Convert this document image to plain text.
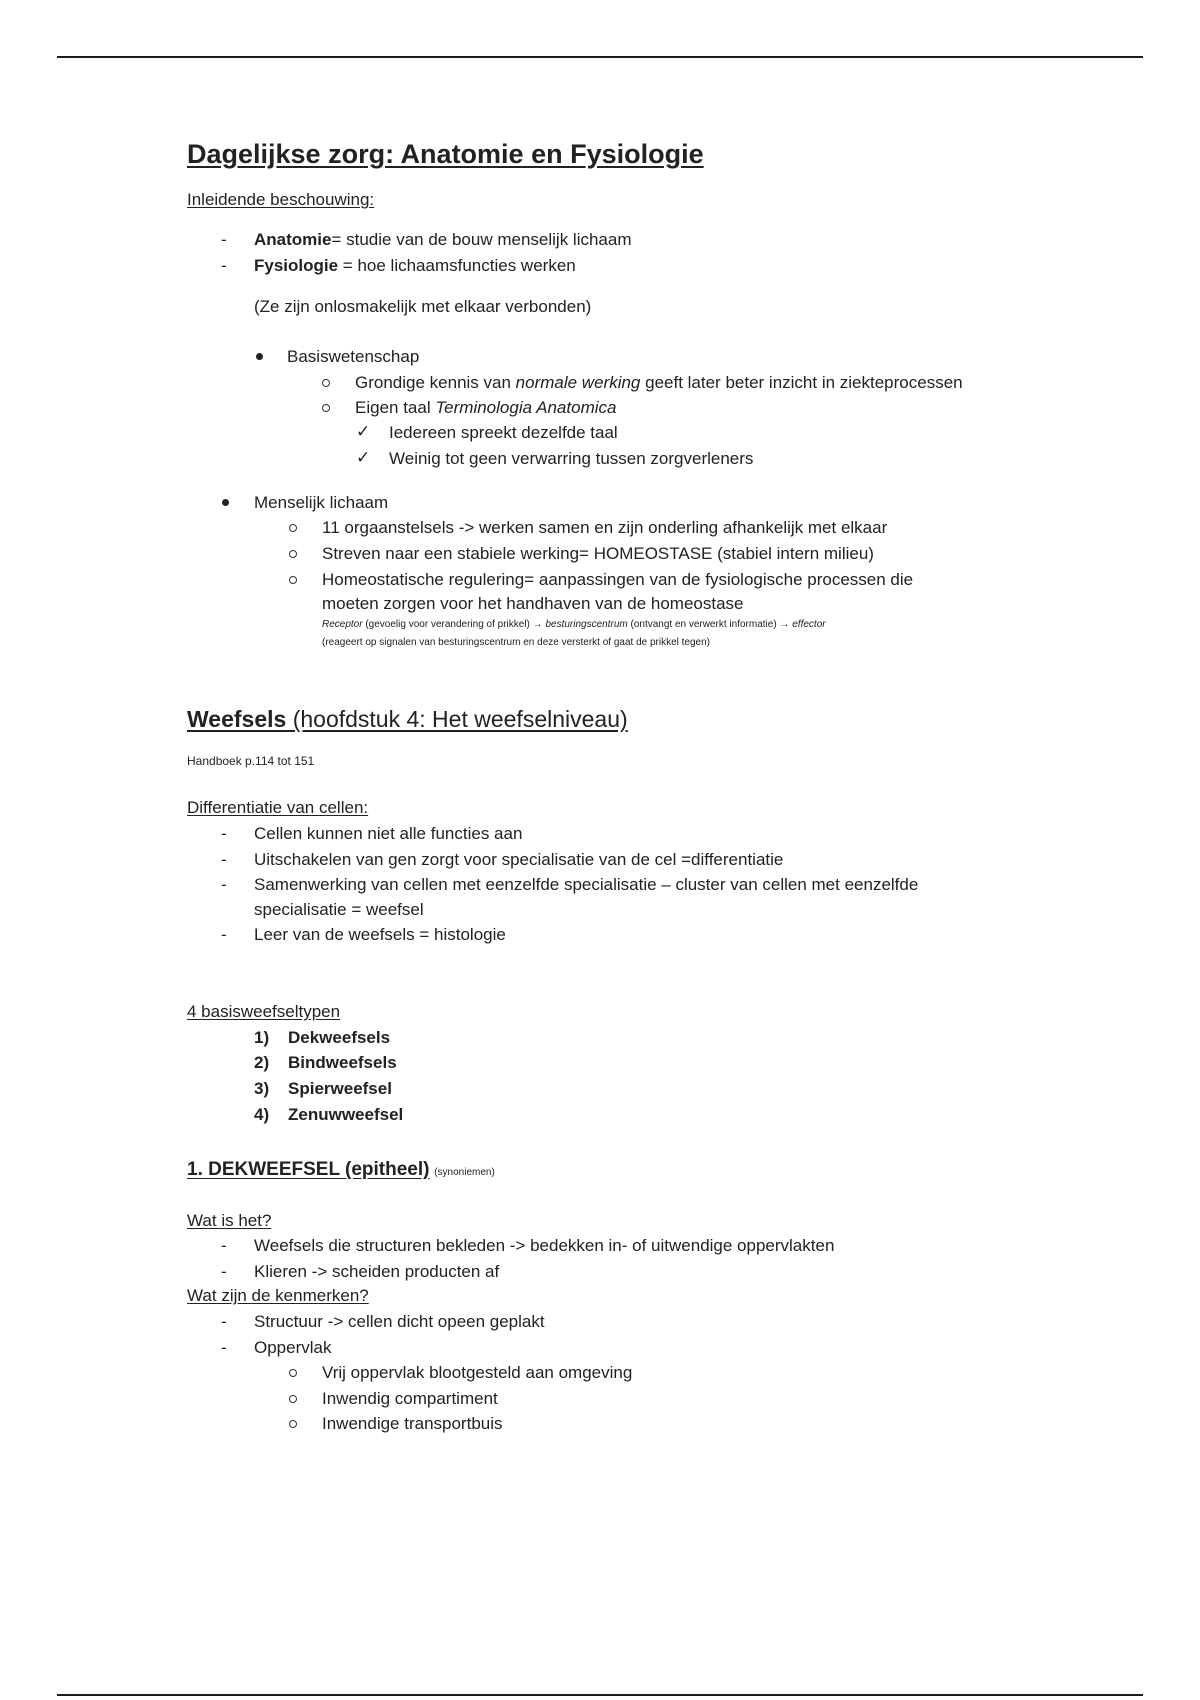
Dagelijkse zorg: Anatomie en Fysiologie
Inleidende beschouwing:
- Anatomie= studie van de bouw menselijk lichaam
- Fysiologie = hoe lichaamsfuncties werken
(Ze zijn onlosmakelijk met elkaar verbonden)
Basiswetenschap
Grondige kennis van normale werking geeft later beter inzicht in ziekteprocessen
Eigen taal Terminologia Anatomica
✓ Iedereen spreekt dezelfde taal
✓ Weinig tot geen verwarring tussen zorgverleners
Menselijk lichaam
11 orgaanstelsels -> werken samen en zijn onderling afhankelijk met elkaar
Streven naar een stabiele werking= HOMEOSTASE (stabiel intern milieu)
Homeostatische regulering= aanpassingen van de fysiologische processen die
moeten zorgen voor het handhaven van de homeostase
Receptor (gevoelig voor verandering of prikkel) → besturingscentrum (ontvangt en verwerkt informatie) → effector
(reageert op signalen van besturingscentrum en deze versterkt of gaat de prikkel tegen)
Weefsels (hoofdstuk 4: Het weefselniveau)
Handboek p.114 tot 151
Differentiatie van cellen:
- Cellen kunnen niet alle functies aan
- Uitschakelen van gen zorgt voor specialisatie van de cel =differentiatie
- Samenwerking van cellen met eenzelfde specialisatie – cluster van cellen met eenzelfde
specialisatie = weefsel
- Leer van de weefsels = histologie
4 basisweefseltypen
1) Dekweefsels
2) Bindweefsels
3) Spierweefsel
4) Zenuwweefsel
1. DEKWEEFSEL (epitheel) (synoniemen)
Wat is het?
- Weefsels die structuren bekleden -> bedekken in- of uitwendige oppervlakten
- Klieren -> scheiden producten af
Wat zijn de kenmerken?
- Structuur -> cellen dicht opeen geplakt
- Oppervlak
Vrij oppervlak blootgesteld aan omgeving
Inwendig compartiment
Inwendige transportbuis
